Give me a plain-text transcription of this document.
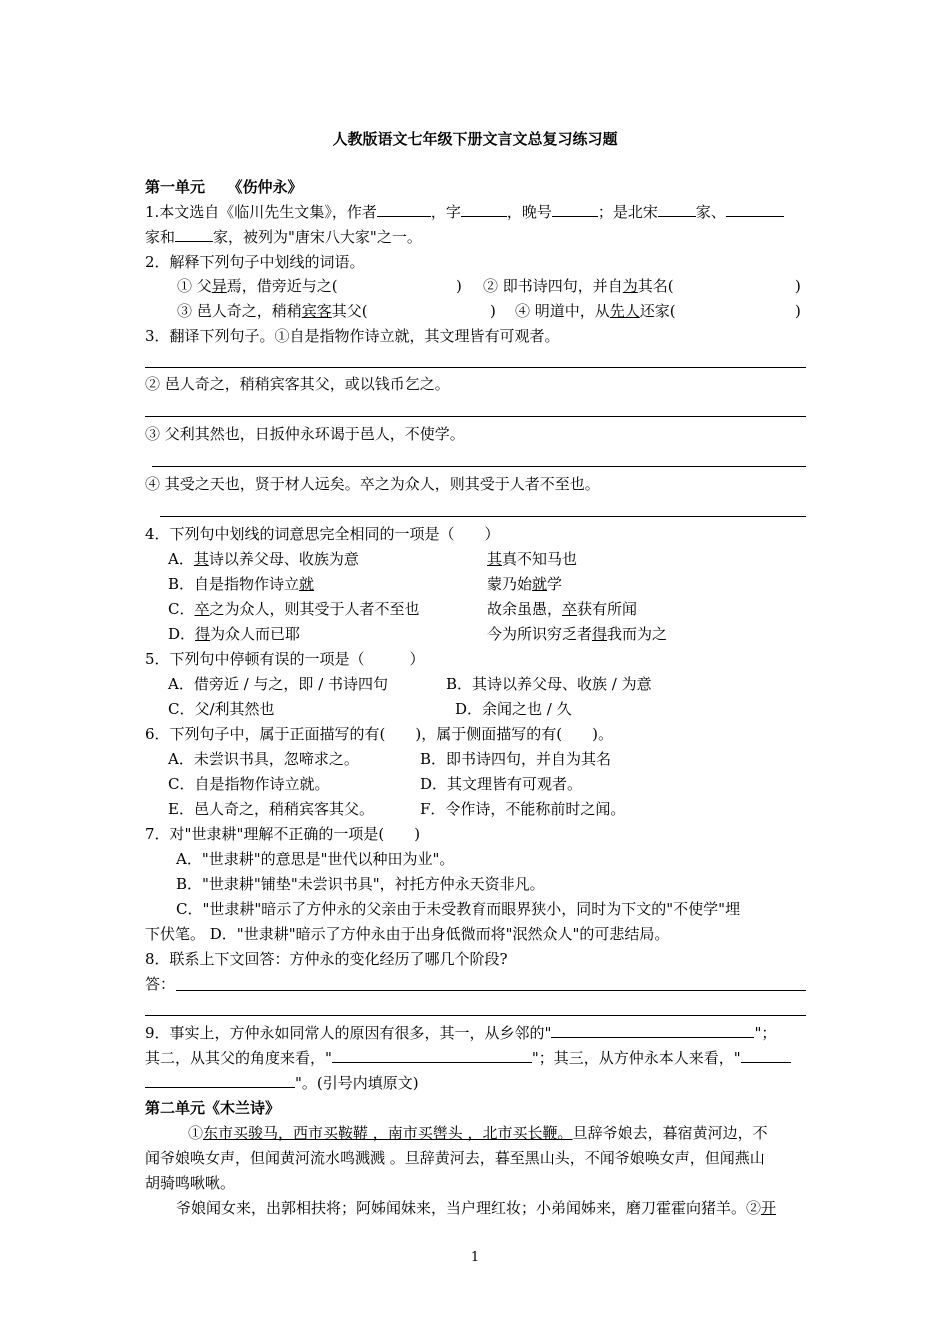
人教版语文七年级下册文言文总复习练习题
第一单元　　《伤仲永》
1.本文选自《临川先生文集》，作者	，字	，晚号	；是北宋	家、
家和	家，被列为"唐宋八大家"之一。
2．解释下列句子中划线的词语。
① 父异焉，借旁近与之(	) ② 即书诗四句，并自为其名(	)
③ 邑人奇之，稍稍宾客其父(	) ④ 明道中，从先人还家(	)
3．翻译下列句子。①自是指物作诗立就，其文理皆有可观者。
② 邑人奇之，稍稍宾客其父，或以钱币乞之。
③ 父利其然也，日扳仲永环谒于邑人，不使学。
④ 其受之天也，贤于材人远矣。卒之为众人，则其受于人者不至也。
4．下列句中划线的词意思完全相同的一项是（　　）
A．其诗以养父母、收族为意	其真不知马也
B．自是指物作诗立就	蒙乃始就学
C．卒之为众人，则其受于人者不至也	故余虽愚，卒获有所闻
D．得为众人而已耶	今为所识穷乏者得我而为之
5．下列句中停顿有误的一项是（　　　）
A．借旁近 / 与之，即 / 书诗四句	B．其诗以养父母、收族 / 为意
C．父/利其然也	D．余闻之也 / 久
6．下列句子中，属于正面描写的有(　　)，属于侧面描写的有(　　)。
A．未尝识书具，忽啼求之。	B．即书诗四句，并自为其名
C．自是指物作诗立就。	D．其文理皆有可观者。
E．邑人奇之，稍稍宾客其父。	F．令作诗，不能称前时之闻。
7．对"世隶耕"理解不正确的一项是(　　)
A．"世隶耕"的意思是"世代以种田为业"。
B．"世隶耕"铺垫"未尝识书具"，衬托方仲永天资非凡。
C．"世隶耕"暗示了方仲永的父亲由于未受教育而眼界狭小，同时为下文的"不使学"埋
下伏笔。 D．"世隶耕"暗示了方仲永由于出身低微而将"泯然众人"的可悲结局。
8．联系上下文回答：方仲永的变化经历了哪几个阶段?
答：
9．事实上，方仲永如同常人的原因有很多，其一，从乡邻的"	"；
其二，从其父的角度来看，"	"；其三，从方仲永本人来看，"
"。(引号内填原文)
第二单元《木兰诗》
①东市买骏马，西市买鞍鞯 ，南市买辔头 ，北市买长鞭。旦辞爷娘去，暮宿黄河边，不
闻爷娘唤女声，但闻黄河流水鸣溅溅 。旦辞黄河去，暮至黑山头，不闻爷娘唤女声，但闻燕山
胡骑鸣啾啾。
爷娘闻女来，出郭相扶将；阿姊闻妹来，当户理红妆；小弟闻姊来，磨刀霍霍向猪羊。②开
1
